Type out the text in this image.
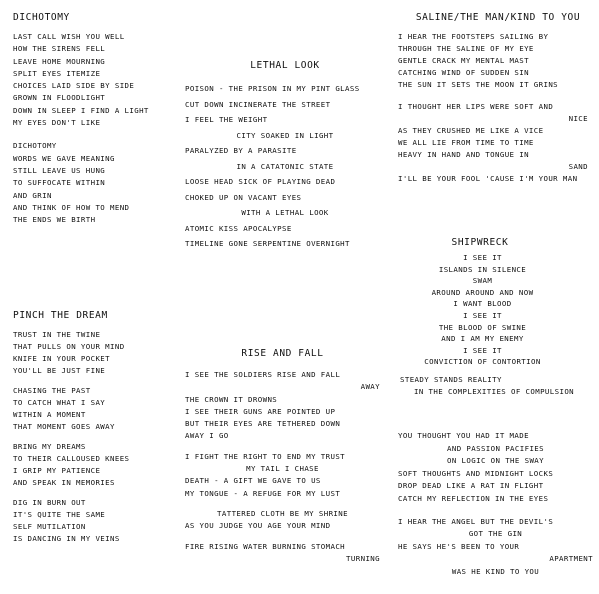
DICHOTOMY
LAST CALL WISH YOU WELL
HOW THE SIRENS FELL
LEAVE HOME MOURNING
SPLIT EYES ITEMIZE
CHOICES LAID SIDE BY SIDE
GROWN IN FLOODLIGHT
DOWN IN SLEEP I FIND A LIGHT
MY EYES DON'T LIKE
DICHOTOMY
WORDS WE GAVE MEANING
STILL LEAVE US HUNG
TO SUFFOCATE WITHIN
AND GRIN
AND THINK OF HOW TO MEND
THE ENDS WE BIRTH
LETHAL LOOK
POISON - THE PRISON IN MY PINT GLASS
CUT DOWN INCINERATE THE STREET
I FEEL THE WEIGHT
CITY SOAKED IN LIGHT
PARALYZED BY A PARASITE
IN A CATATONIC STATE
LOOSE HEAD SICK OF PLAYING DEAD
CHOKED UP ON VACANT EYES
WITH A LETHAL LOOK
ATOMIC KISS APOCALYPSE
TIMELINE GONE SERPENTINE OVERNIGHT
SALINE/THE MAN/KIND TO YOU
I HEAR THE FOOTSTEPS SAILING BY
THROUGH THE SALINE OF MY EYE
GENTLE CRACK MY MENTAL MAST
CATCHING WIND OF SUDDEN SIN
THE SUN IT SETS THE MOON IT GRINS
I THOUGHT HER LIPS WERE SOFT AND
NICE
AS THEY CRUSHED ME LIKE A VICE
WE ALL LIE FROM TIME TO TIME
HEAVY IN HAND AND TONGUE IN
SAND
I'LL BE YOUR FOOL 'CAUSE I'M YOUR MAN
SHIPWRECK
I SEE IT
ISLANDS IN SILENCE
SWAM
AROUND AROUND AND NOW
I WANT BLOOD
I SEE IT
THE BLOOD OF SWINE
AND I AM MY ENEMY
I SEE IT
CONVICTION OF CONTORTION
STEADY STANDS REALITY
IN THE COMPLEXITIES OF COMPULSION
PINCH THE DREAM
TRUST IN THE TWINE
THAT PULLS ON YOUR MIND
KNIFE IN YOUR POCKET
YOU'LL BE JUST FINE
CHASING THE PAST
TO CATCH WHAT I SAY
WITHIN A MOMENT
THAT MOMENT GOES AWAY
BRING MY DREAMS
TO THEIR CALLOUSED KNEES
I GRIP MY PATIENCE
AND SPEAK IN MEMORIES
DIG IN BURN OUT
IT'S QUITE THE SAME
SELF MUTILATION
IS DANCING IN MY VEINS
RISE AND FALL
I SEE THE SOLDIERS RISE AND FALL
AWAY
THE CROWN IT DROWNS
I SEE THEIR GUNS ARE POINTED UP
BUT THEIR EYES ARE TETHERED DOWN
AWAY I GO
I FIGHT THE RIGHT TO END MY TRUST
MY TAIL I CHASE
DEATH - A GIFT WE GAVE TO US
MY TONGUE - A REFUGE FOR MY LUST
TATTERED CLOTH BE MY SHRINE
AS YOU JUDGE YOU AGE YOUR MIND
FIRE RISING WATER BURNING STOMACH
TURNING
YOU THOUGHT YOU HAD IT MADE
AND PASSION PACIFIES
ON LOGIC ON THE SWAY
SOFT THOUGHTS AND MIDNIGHT LOCKS
DROP DEAD LIKE A RAT IN FLIGHT
CATCH MY REFLECTION IN THE EYES
I HEAR THE ANGEL BUT THE DEVIL'S
GOT THE GIN
HE SAYS HE'S BEEN TO YOUR
APARTMENT
WAS HE KIND TO YOU
